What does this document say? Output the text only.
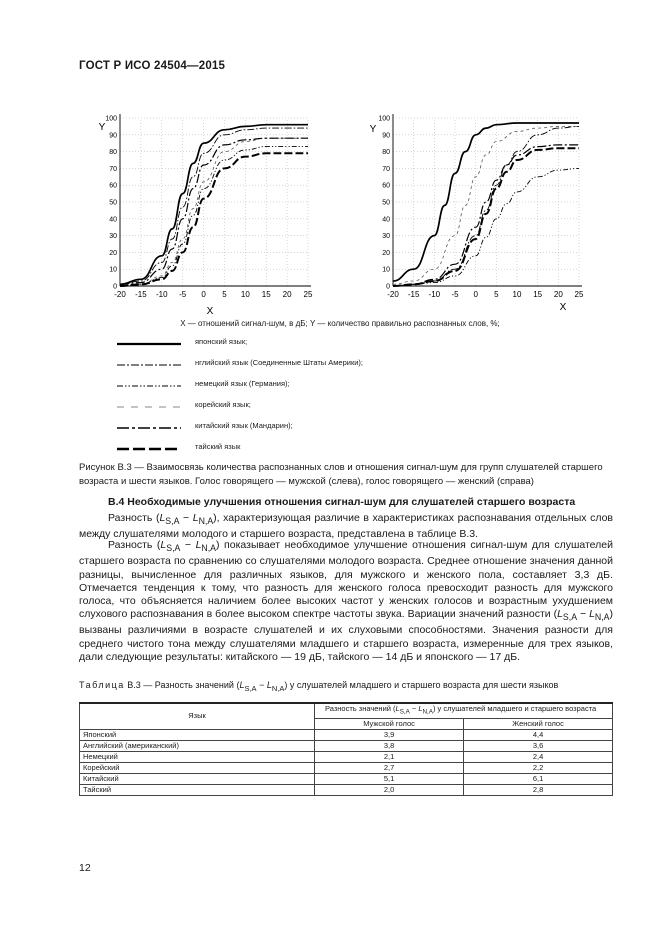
ГОСТ Р ИСО 24504—2015
-20 -15 -10 -5 0 5 10 15 20 25
0
10
20
30
40
50
60
70
80
90
100
X
Y
-20 -15 -10 -5 0 5 10 15 20 25
0
10
20
30
40
50
60
70
80
90
100
X
Y
X — отношений сигнал-шум, в дБ; Y — количество правильно распознанных слов, %;
японский язык;
нглийский язык (Соединенные Штаты Америки);
немецкий язык (Германия);
корейский язык;
китайский язык (Мандарин);
тайский язык
Рисунок В.3 — Взаимосвязь количества распознанных слов и отношения сигнал-шум для групп слушателей старшего возраста и шести языков. Голос говорящего — мужской (слева), голос говорящего — женский (справа)
В.4 Необходимые улучшения отношения сигнал-шум для слушателей старшего возраста

Разность $(L_{S,A} - L_{N,A})$, характеризующая различие в характеристиках распознавания отдельных слов между слушателями молодого и старшего возраста, представлена в таблице В.3.

Разность $(L_{S,A} - L_{N,A})$ показывает необходимое улучшение отношения сигнал-шум для слушателей старшего возраста по сравнению со слушателями молодого возраста. Среднее отношение значения данной разницы, вычисленное для различных языков, для мужского и женского пола, составляет 3,3 дБ. Отмечается тенденция к тому, что разность для женского голоса превосходит разность для мужского голоса, что объясняется наличием более высоких частот у женских голосов и возрастным ухудшением слухового распознавания в более высоком спектре частоты звука. Вариации значений разности $(L_{S,A} - L_{N,A})$ вызваны различиями в возрасте слушателей и их слуховыми способностями. Значения разности для среднего чистого тона между слушателями младшего и старшего возраста, измеренные для трех языков, дали следующие результаты: китайского — 19 дБ, тайского — 14 дБ и японского — 17 дБ.

Таблица В.3 — Разность значений $(L_{S,A} - L_{N,A})$ у слушателей младшего и старшего возраста для шести языков
Язык	Разность значений $(L_{S,A} - L_{N,A})$ у слушателей младшего и старшего возраста	
	Мужской голос	Женский голос
Японский	3,9	4,4
Английский (американский)	3,8	3,6
Немецкий	2,1	2,4
Корейский	2,7	2,2
Китайский	5,1	6,1
Тайский	2,0	2,8
12
